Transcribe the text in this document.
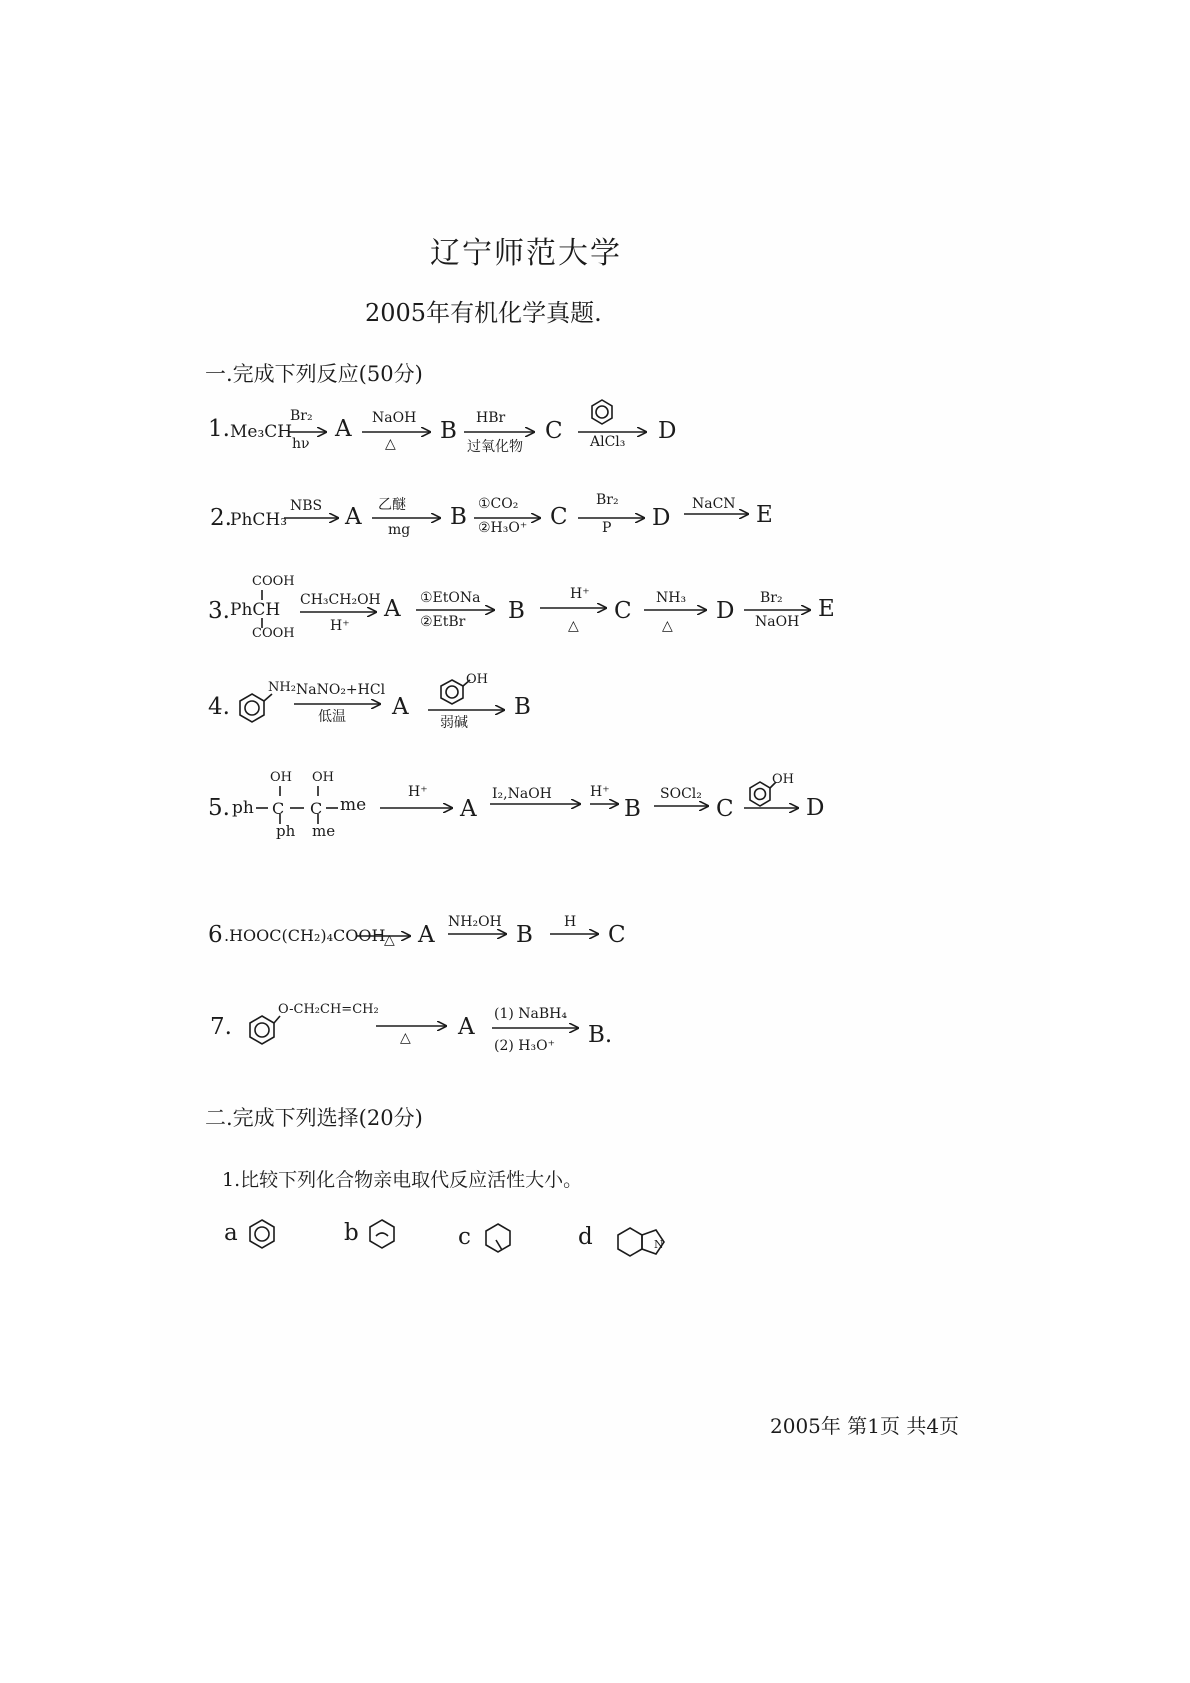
辽宁师范大学
2005年有机化学真题.
一.完成下列反应(50分)
1. Me₃CH
Br₂
hν
A NaOH
△ B HBr
过氧化物
C AlCl₃ D
2.
PhCH₃
NBS A 乙醚
mg B ①CO₂
②H₃O⁺ C
Br₂
P D
NaCN E
3.
COOH
PhCH
COOH
CH₃CH₂OH
H⁺
A ①EtONa
②EtBr B
H⁺
△
C NH₃
△
D Br₂
NaOH E
4.
NH₂ NaNO₂+HCl
低温 A
OH
弱碱
B
5. ph
OH
ph
OH
me
me
H⁺
A
I₂,NaOH	H⁺
B
SOCl₂
C
OH
D
6 .HOOC(CH₂)₄COOH
△ A NH₂OH B H C
7.
O-CH₂CH=CH₂
△ A (1) NaBH₄
(2) H₃O⁺ B.
二.完成下列选择(20分)
1.比较下列化合物亲电取代反应活性大小。
a	b	c	d
2005年 第1页 共4页
C C
N
